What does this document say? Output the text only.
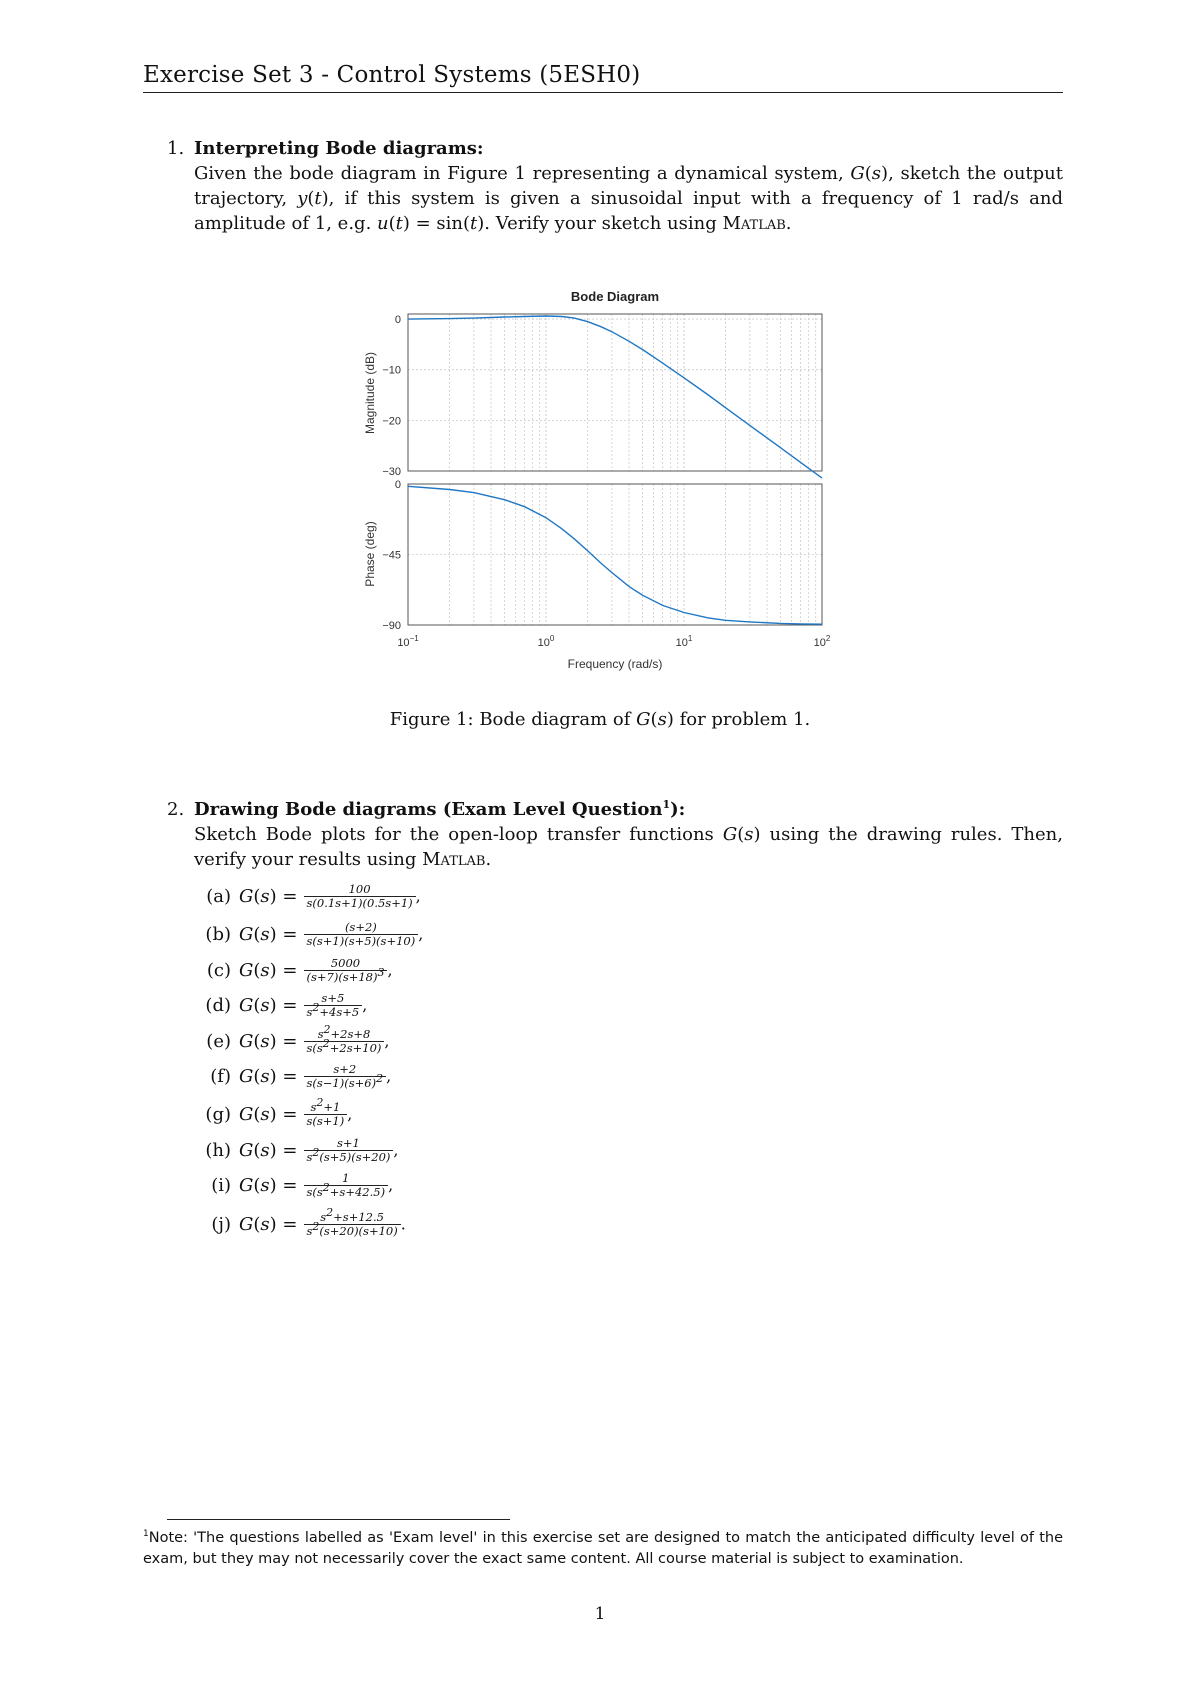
Exercise Set 3 - Control Systems (5ESH0)
1. Interpreting Bode diagrams:
Given the bode diagram in Figure 1 representing a dynamical system, G(s), sketch the output trajectory, y(t), if this system is given a sinusoidal input with a frequency of 1 rad/s and amplitude of 1, e.g. u(t) = sin(t). Verify your sketch using Matlab.
Bode Diagram
0
−10
−20
−30
0
−45
−90
$10^{-1}$	$10^0$	$10^1$	$10^2$
Magnitude (dB)
Phase (deg)
Frequency (rad/s)
Figure 1: Bode diagram of G(s) for problem 1.
2. Drawing Bode diagrams (Exam Level Question$^1$):
Sketch Bode plots for the open-loop transfer functions G(s) using the drawing rules. Then, verify your results using Matlab.
(a) $G(s) = \frac{100}{s(0.1s+1)(0.5s+1)}$ ,
(b) $G(s) = \frac{(s+2)}{s(s+1)(s+5)(s+10)}$ ,
(c) $G(s) = \frac{5000}{(s+7)(s+18)^3}$ ,
(d) $G(s) = \frac{s+5}{s^2+4s+5}$ ,
(e) $G(s) = \frac{s^2+2s+8}{s(s^2+2s+10)}$ ,
(f) $G(s) = \frac{s+2}{s(s-1)(s+6)^2}$ ,
(g) $G(s) = \frac{s^2+1}{s(s+1)}$ ,
(h) $G(s) = \frac{s+1}{s^2(s+5)(s+20)}$ ,
(i) $G(s) = \frac{1}{s(s^2+s+42.5)}$ ,
(j) $G(s) = \frac{s^2+s+12.5}{s^2(s+20)(s+10)}$ .
$^1$Note: 'The questions labelled as 'Exam level' in this exercise set are designed to match the anticipated difficulty level of the exam, but they may not necessarily cover the exact same content. All course material is subject to examination.
1
